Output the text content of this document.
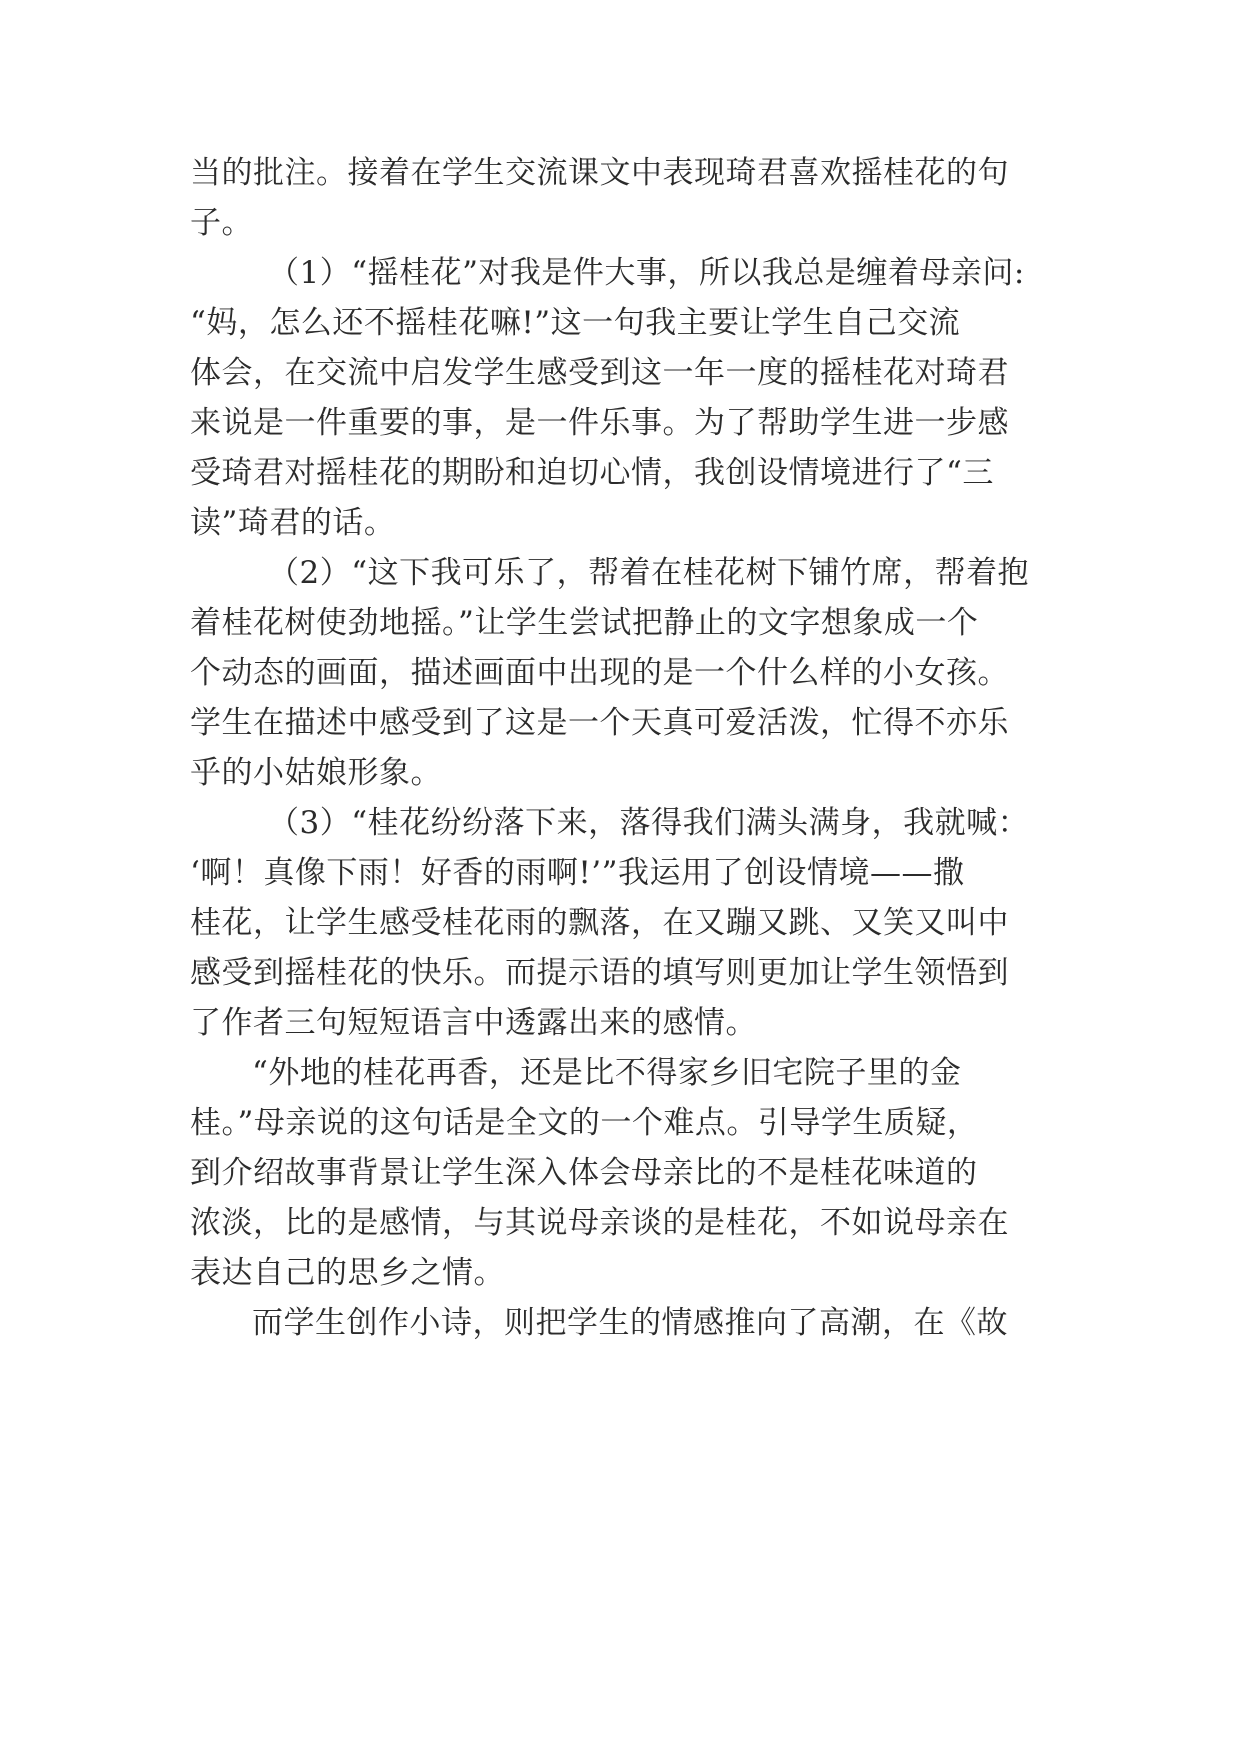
当的批注。接着在学生交流课文中表现琦君喜欢摇桂花的句
子。
（1）“摇桂花”对我是件大事，所以我总是缠着母亲问:
“妈，怎么还不摇桂花嘛!”这一句我主要让学生自己交流
体会，在交流中启发学生感受到这一年一度的摇桂花对琦君
来说是一件重要的事，是一件乐事。为了帮助学生进一步感
受琦君对摇桂花的期盼和迫切心情，我创设情境进行了“三
读”琦君的话。
（2）“这下我可乐了，帮着在桂花树下铺竹席，帮着抱
着桂花树使劲地摇。”让学生尝试把静止的文字想象成一个
个动态的画面，描述画面中出现的是一个什么样的小女孩。
学生在描述中感受到了这是一个天真可爱活泼，忙得不亦乐
乎的小姑娘形象。
（3）“桂花纷纷落下来，落得我们满头满身，我就喊：
‘啊！真像下雨！好香的雨啊!’”我运用了创设情境——撒
桂花，让学生感受桂花雨的飘落，在又蹦又跳、又笑又叫中
感受到摇桂花的快乐。而提示语的填写则更加让学生领悟到
了作者三句短短语言中透露出来的感情。
“外地的桂花再香，还是比不得家乡旧宅院子里的金
桂。”母亲说的这句话是全文的一个难点。引导学生质疑，
到介绍故事背景让学生深入体会母亲比的不是桂花味道的
浓淡，比的是感情，与其说母亲谈的是桂花，不如说母亲在
表达自己的思乡之情。
而学生创作小诗，则把学生的情感推向了高潮，在《故
